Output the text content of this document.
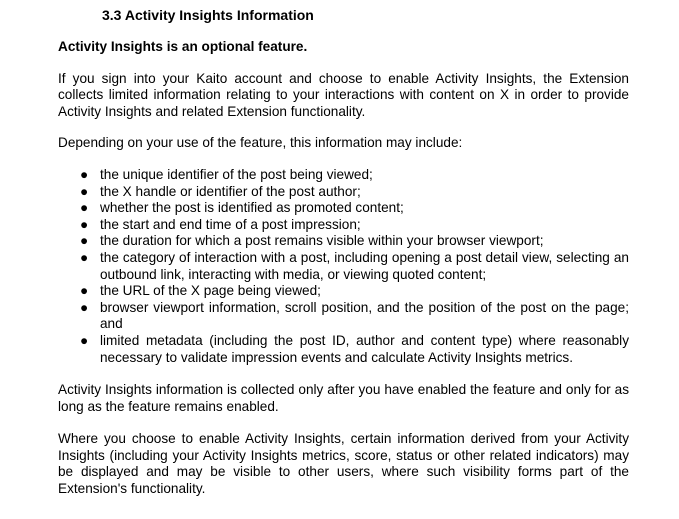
3.3 Activity Insights Information
Activity Insights is an optional feature.

If you sign into your Kaito account and choose to enable Activity Insights, the Extension collects limited information relating to your interactions with content on X in order to provide Activity Insights and related Extension functionality.

Depending on your use of the feature, this information may include:

● the unique identifier of the post being viewed;
● the X handle or identifier of the post author;
● whether the post is identified as promoted content;
● the start and end time of a post impression;
● the duration for which a post remains visible within your browser viewport;
● the category of interaction with a post, including opening a post detail view, selecting an outbound link, interacting with media, or viewing quoted content;
● the URL of the X page being viewed;
● browser viewport information, scroll position, and the position of the post on the page; and
● limited metadata (including the post ID, author and content type) where reasonably necessary to validate impression events and calculate Activity Insights metrics.

Activity Insights information is collected only after you have enabled the feature and only for as long as the feature remains enabled.

Where you choose to enable Activity Insights, certain information derived from your Activity Insights (including your Activity Insights metrics, score, status or other related indicators) may be displayed and may be visible to other users, where such visibility forms part of the Extension's functionality.
